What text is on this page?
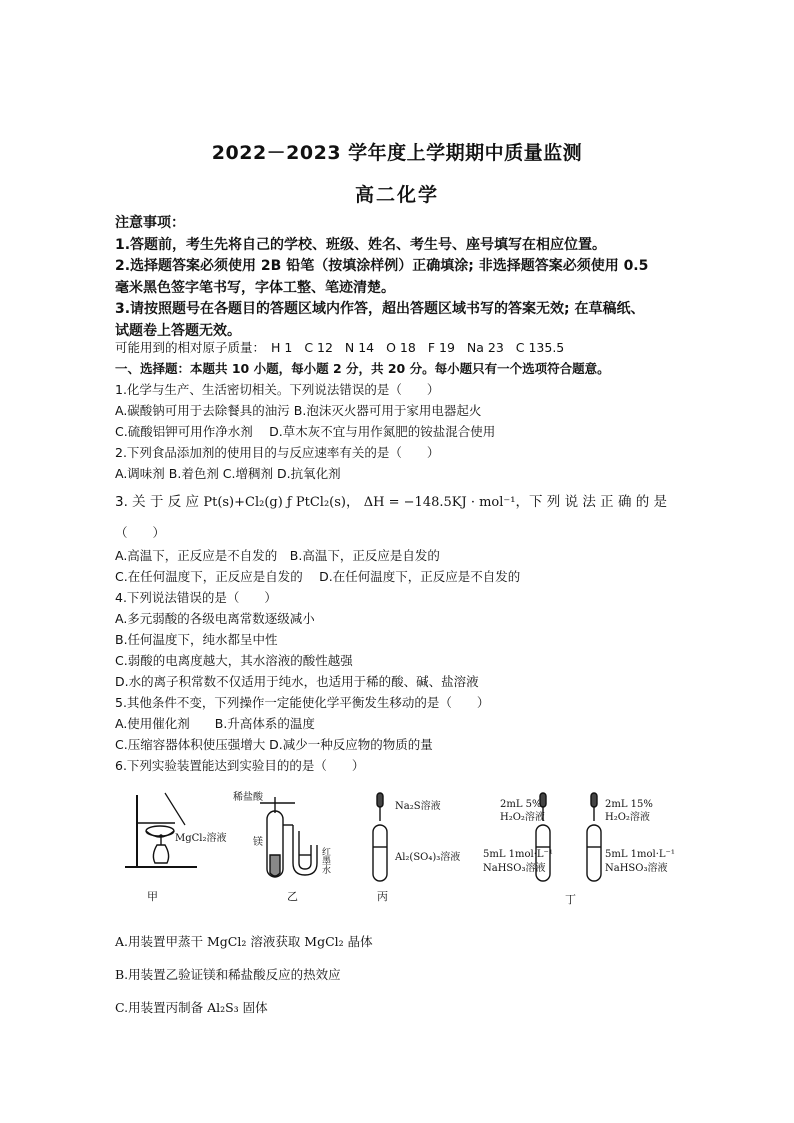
2022－2023 学年度上学期期中质量监测
高二化学
注意事项：
1.答题前，考生先将自己的学校、班级、姓名、考生号、座号填写在相应位置。
2.选择题答案必须使用 2B 铅笔（按填涂样例）正确填涂; 非选择题答案必须使用 0.5
毫米黑色签字笔书写，字体工整、笔迹清楚。
3.请按照题号在各题目的答题区域内作答，超出答题区域书写的答案无效; 在草稿纸、
试题卷上答题无效。
可能用到的相对原子质量： H 1 C 12 N 14 O 18 F 19 Na 23 C 135.5
一、选择题：本题共 10 小题，每小题 2 分，共 20 分。每小题只有一个选项符合题意。
1.化学与生产、生活密切相关。下列说法错误的是（　　）
A.碳酸钠可用于去除餐具的油污 B.泡沫灭火器可用于家用电器起火
C.硫酸铝钾可用作净水剂　 D.草木灰不宜与用作氮肥的铵盐混合使用
2.下列食品添加剂的使用目的与反应速率有关的是（　　）
A.调味剂 B.着色剂 C.增稠剂 D.抗氧化剂
3. 关 于 反 应 Pt(s)+Cl₂(g) ƒ PtCl₂(s)， ΔH = −148.5KJ · mol⁻¹，下 列 说 法 正 确 的 是
（　　）
A.高温下，正反应是不自发的　B.高温下，正反应是自发的
C.在任何温度下，正反应是自发的　 D.在任何温度下，正反应是不自发的
4.下列说法错误的是（　　）
A.多元弱酸的各级电离常数逐级减小
B.任何温度下，纯水都呈中性
C.弱酸的电离度越大，其水溶液的酸性越强
D.水的离子积常数不仅适用于纯水，也适用于稀的酸、碱、盐溶液
5.其他条件不变，下列操作一定能使化学平衡发生移动的是（　　）
A.使用催化剂　　B.升高体系的温度
C.压缩容器体积使压强增大 D.减少一种反应物的物质的量
6.下列实验装置能达到实验目的的是（　　）
A.用装置甲蒸干 MgCl₂ 溶液获取 MgCl₂ 晶体
B.用装置乙验证镁和稀盐酸反应的热效应
C.用装置丙制备 Al₂S₃ 固体
MgCl₂溶液
甲
稀盐酸
镁
红墨水
乙
Na₂S溶液
Al₂(SO₄)₃溶液
丙
2mL 5%
H₂O₂溶液
2mL 15%
H₂O₂溶液
5mL 1mol·L⁻¹
NaHSO₃溶液
5mL 1mol·L⁻¹
NaHSO₃溶液
丁
